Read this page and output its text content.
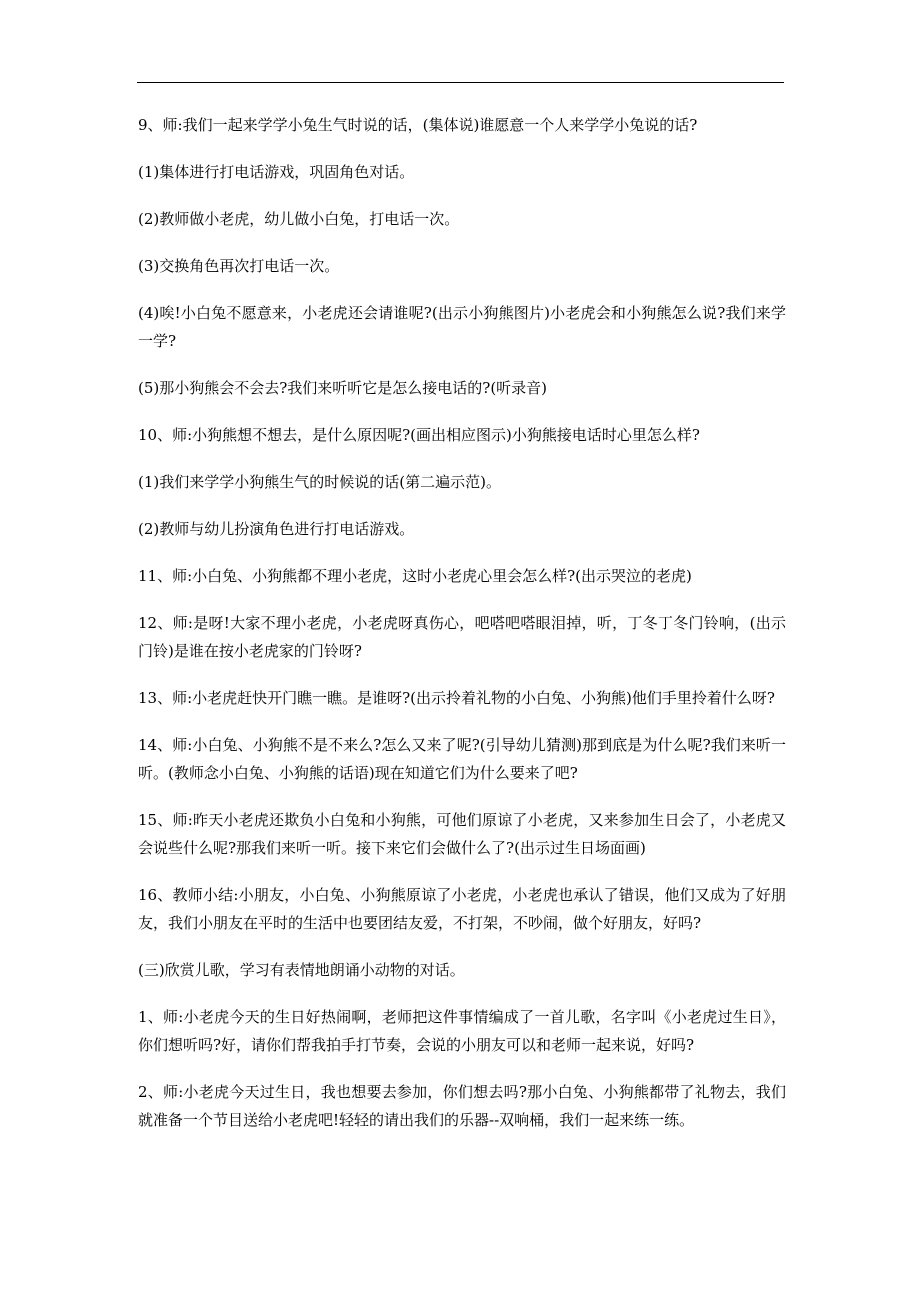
9、师:我们一起来学学小兔生气时说的话，(集体说)谁愿意一个人来学学小兔说的话?

(1)集体进行打电话游戏，巩固角色对话。

(2)教师做小老虎，幼儿做小白兔，打电话一次。

(3)交换角色再次打电话一次。

(4)唉!小白兔不愿意来，小老虎还会请谁呢?(出示小狗熊图片)小老虎会和小狗熊怎么说?我们来学一学?

(5)那小狗熊会不会去?我们来听听它是怎么接电话的?(听录音)

10、师:小狗熊想不想去，是什么原因呢?(画出相应图示)小狗熊接电话时心里怎么样?

(1)我们来学学小狗熊生气的时候说的话(第二遍示范)。

(2)教师与幼儿扮演角色进行打电话游戏。

11、师:小白兔、小狗熊都不理小老虎，这时小老虎心里会怎么样?(出示哭泣的老虎)

12、师:是呀!大家不理小老虎，小老虎呀真伤心，吧嗒吧嗒眼泪掉，听，丁冬丁冬门铃响，(出示门铃)是谁在按小老虎家的门铃呀?

13、师:小老虎赶快开门瞧一瞧。是谁呀?(出示拎着礼物的小白兔、小狗熊)他们手里拎着什么呀?

14、师:小白兔、小狗熊不是不来么?怎么又来了呢?(引导幼儿猜测)那到底是为什么呢?我们来听一听。(教师念小白兔、小狗熊的话语)现在知道它们为什么要来了吧?

15、师:昨天小老虎还欺负小白兔和小狗熊，可他们原谅了小老虎，又来参加生日会了，小老虎又会说些什么呢?那我们来听一听。接下来它们会做什么了?(出示过生日场面画)

16、教师小结:小朋友，小白兔、小狗熊原谅了小老虎，小老虎也承认了错误，他们又成为了好朋友，我们小朋友在平时的生活中也要团结友爱，不打架，不吵闹，做个好朋友，好吗?

(三)欣赏儿歌，学习有表情地朗诵小动物的对话。

1、师:小老虎今天的生日好热闹啊，老师把这件事情编成了一首儿歌，名字叫《小老虎过生日》，你们想听吗?好，请你们帮我拍手打节奏，会说的小朋友可以和老师一起来说，好吗?

2、师:小老虎今天过生日，我也想要去参加，你们想去吗?那小白兔、小狗熊都带了礼物去，我们就准备一个节目送给小老虎吧!轻轻的请出我们的乐器--双响桶，我们一起来练一练。
